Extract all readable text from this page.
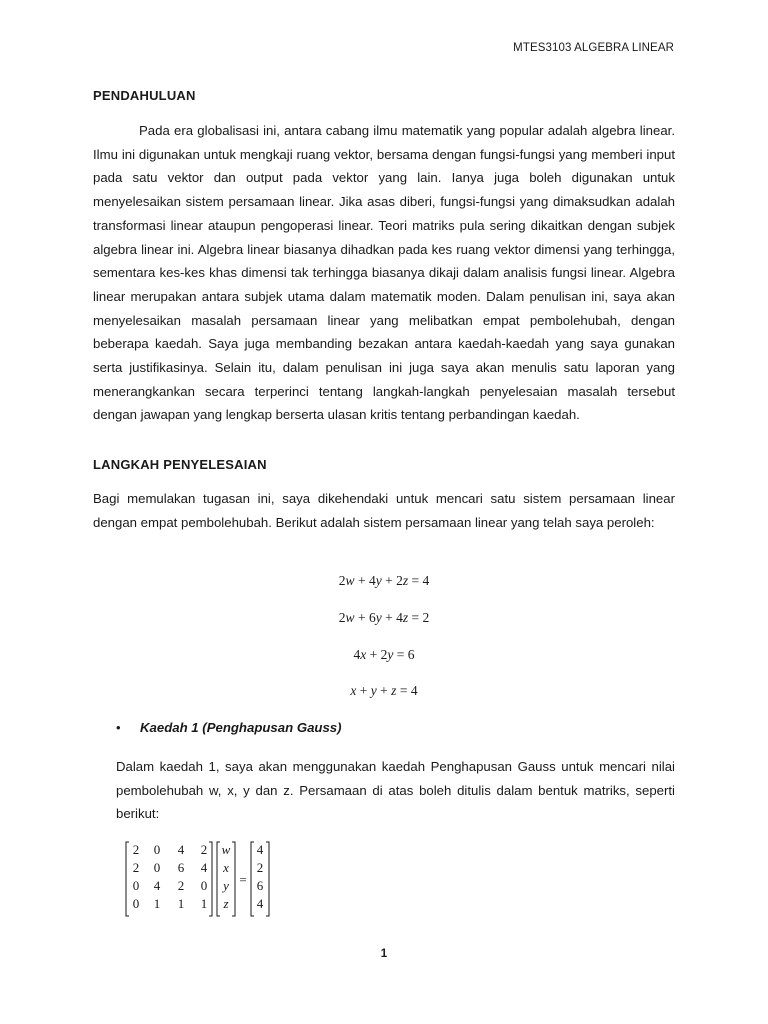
MTES3103 ALGEBRA LINEAR
PENDAHULUAN
Pada era globalisasi ini, antara cabang ilmu matematik yang popular adalah algebra linear. Ilmu ini digunakan untuk mengkaji ruang vektor, bersama dengan fungsi-fungsi yang memberi input pada satu vektor dan output pada vektor yang lain. Ianya juga boleh digunakan untuk menyelesaikan sistem persamaan linear. Jika asas diberi, fungsi-fungsi yang dimaksudkan adalah transformasi linear ataupun pengoperasi linear. Teori matriks pula sering dikaitkan dengan subjek algebra linear ini. Algebra linear biasanya dihadkan pada kes ruang vektor dimensi yang terhingga, sementara kes-kes khas dimensi tak terhingga biasanya dikaji dalam analisis fungsi linear. Algebra linear merupakan antara subjek utama dalam matematik moden. Dalam penulisan ini, saya akan menyelesaikan masalah persamaan linear yang melibatkan empat pembolehubah, dengan beberapa kaedah. Saya juga membanding bezakan antara kaedah-kaedah yang saya gunakan serta justifikasinya. Selain itu, dalam penulisan ini juga saya akan menulis satu laporan yang menerangkankan secara terperinci tentang langkah-langkah penyelesaian masalah tersebut dengan jawapan yang lengkap berserta ulasan kritis tentang perbandingan kaedah.
LANGKAH PENYELESAIAN
Bagi memulakan tugasan ini, saya dikehendaki untuk mencari satu sistem persamaan linear dengan empat pembolehubah. Berikut adalah sistem persamaan linear yang telah saya peroleh:
2w + 4y + 2z = 4
2w + 6y + 4z = 2
4x + 2y = 6
x + y + z = 4
• Kaedah 1 (Penghapusan Gauss)
Dalam kaedah 1, saya akan menggunakan kaedah Penghapusan Gauss untuk mencari nilai pembolehubah w, x, y dan z. Persamaan di atas boleh ditulis dalam bentuk matriks, seperti berikut:
2 0 4 2
2 0 6 4
0 4 2 0
0 1 1 1
w
x
y
z
=
4
2
6
4
1
